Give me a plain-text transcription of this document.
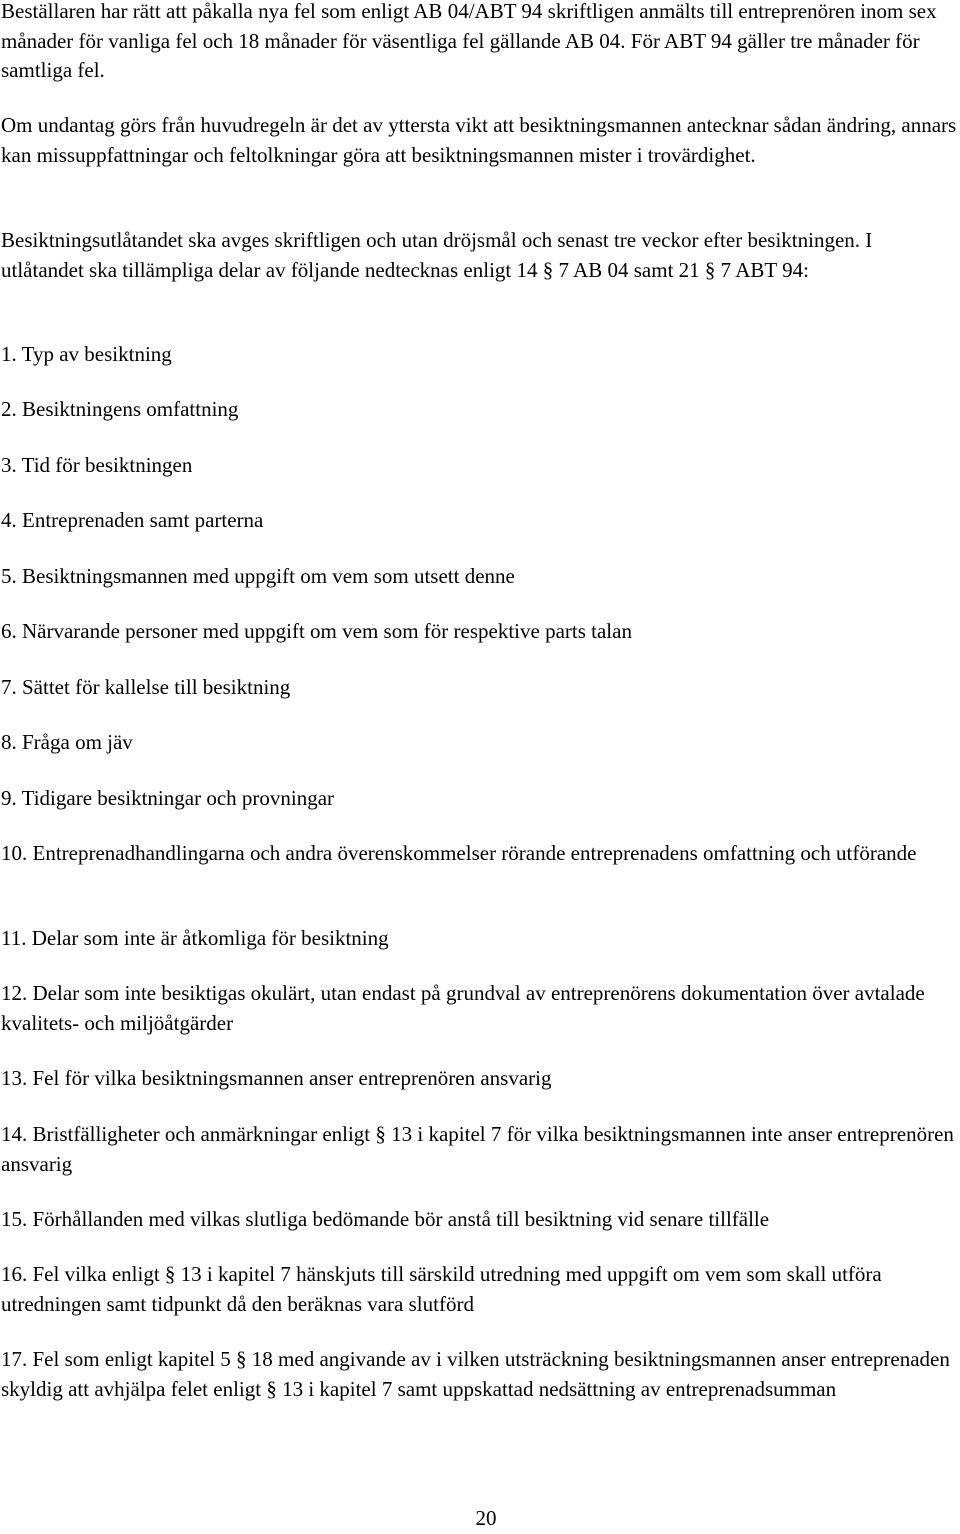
Beställaren har rätt att påkalla nya fel som enligt AB 04/ABT 94 skriftligen anmälts till entreprenören inom sex månader för vanliga fel och 18 månader för väsentliga fel gällande AB 04. För ABT 94 gäller tre månader för samtliga fel.

Om undantag görs från huvudregeln är det av yttersta vikt att besiktningsmannen antecknar sådan ändring, annars kan missuppfattningar och feltolkningar göra att besiktningsmannen mister i trovärdighet.

Besiktningsutlåtandet ska avges skriftligen och utan dröjsmål och senast tre veckor efter besiktningen. I utlåtandet ska tillämpliga delar av följande nedtecknas enligt 14 § 7 AB 04 samt 21 § 7 ABT 94:

1. Typ av besiktning

2. Besiktningens omfattning

3. Tid för besiktningen

4. Entreprenaden samt parterna

5. Besiktningsmannen med uppgift om vem som utsett denne

6. Närvarande personer med uppgift om vem som för respektive parts talan

7. Sättet för kallelse till besiktning

8. Fråga om jäv

9. Tidigare besiktningar och provningar

10. Entreprenadhandlingarna och andra överenskommelser rörande entreprenadens omfattning och utförande

11. Delar som inte är åtkomliga för besiktning

12. Delar som inte besiktigas okulärt, utan endast på grundval av entreprenörens dokumentation över avtalade kvalitets- och miljöåtgärder

13. Fel för vilka besiktningsmannen anser entreprenören ansvarig

14. Bristfälligheter och anmärkningar enligt § 13 i kapitel 7 för vilka besiktningsmannen inte anser entreprenören ansvarig

15. Förhållanden med vilkas slutliga bedömande bör anstå till besiktning vid senare tillfälle

16. Fel vilka enligt § 13 i kapitel 7 hänskjuts till särskild utredning med uppgift om vem som skall utföra utredningen samt tidpunkt då den beräknas vara slutförd

17. Fel som enligt kapitel 5 § 18 med angivande av i vilken utsträckning besiktningsmannen anser entreprenaden skyldig att avhjälpa felet enligt § 13 i kapitel 7 samt uppskattad nedsättning av entreprenadsumman

20
